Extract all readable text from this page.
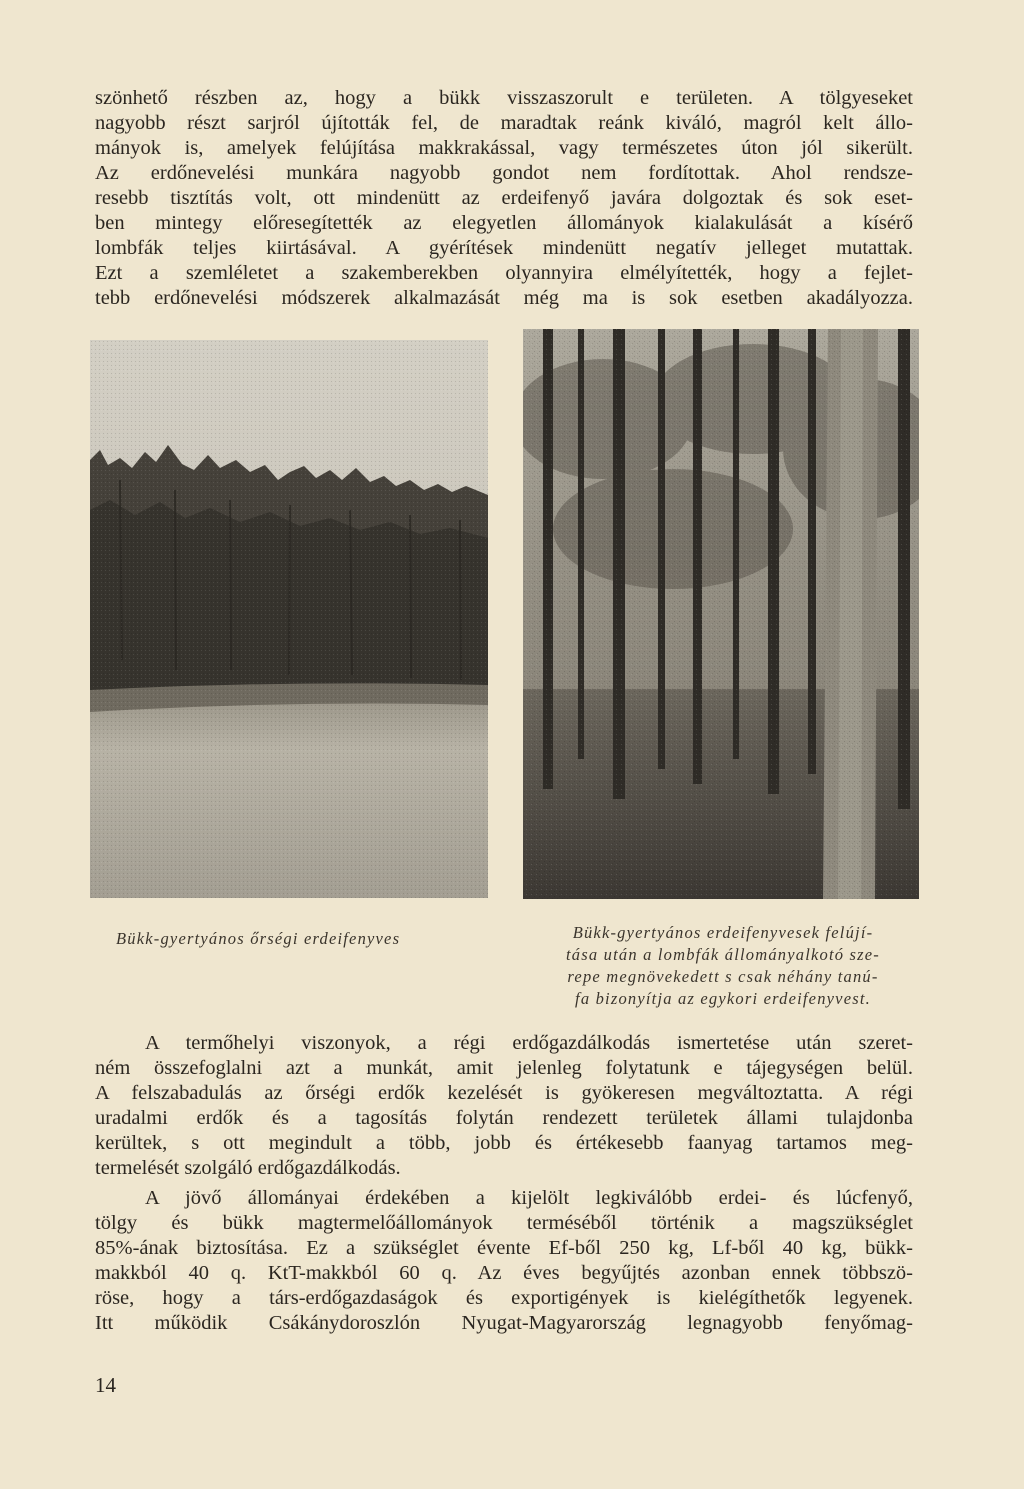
szönhető részben az, hogy a bükk visszaszorult e területen. A tölgyeseket
nagyobb részt sarjról újították fel, de maradtak reánk kiváló, magról kelt állo-
mányok is, amelyek felújítása makkrakással, vagy természetes úton jól sikerült.
Az erdőnevelési munkára nagyobb gondot nem fordítottak. Ahol rendsze-
resebb tisztítás volt, ott mindenütt az erdeifenyő javára dolgoztak és sok eset-
ben mintegy előresegítették az elegyetlen állományok kialakulását a kísérő
lombfák teljes kiirtásával. A gyérítések mindenütt negatív jelleget mutattak.
Ezt a szemléletet a szakemberekben olyannyira elmélyítették, hogy a fejlet-
tebb erdőnevelési módszerek alkalmazását még ma is sok esetben akadályozza.

Bükk-gyertyános őrségi erdeifenyves	Bükk-gyertyános erdeifenyvesek felújí-
tása után a lombfák állományalkotó sze-
repe megnövekedett s csak néhány tanú-
fa bizonyítja az egykori erdeifenyvest.

A termőhelyi viszonyok, a régi erdőgazdálkodás ismertetése után szeret-
ném összefoglalni azt a munkát, amit jelenleg folytatunk e tájegységen belül.
A felszabadulás az őrségi erdők kezelését is gyökeresen megváltoztatta. A régi
uradalmi erdők és a tagosítás folytán rendezett területek állami tulajdonba
kerültek, s ott megindult a több, jobb és értékesebb faanyag tartamos meg-
termelését szolgáló erdőgazdálkodás.
A jövő állományai érdekében a kijelölt legkiválóbb erdei- és lúcfenyő,
tölgy és bükk magtermelőállományok terméséből történik a magszükséglet
85%-ának biztosítása. Ez a szükséglet évente Ef-ből 250 kg, Lf-ből 40 kg, bükk-
makkból 40 q. KtT-makkból 60 q. Az éves begyűjtés azonban ennek többszö-
röse, hogy a társ-erdőgazdaságok és exportigények is kielégíthetők legyenek.
Itt működik Csákánydoroszlón Nyugat-Magyarország legnagyobb fenyőmag-
14
